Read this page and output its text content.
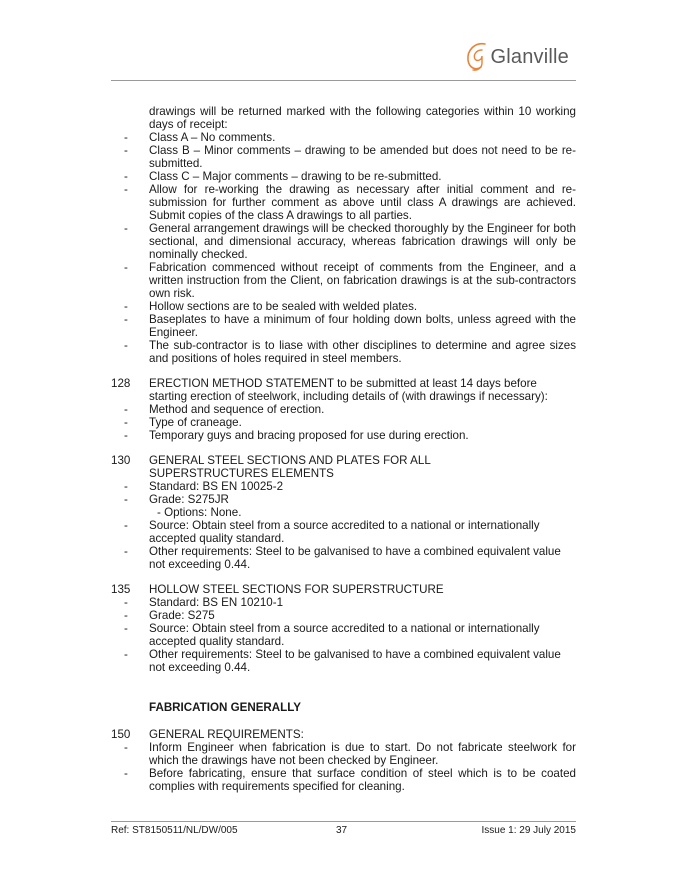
Glanville
drawings will be returned marked with the following categories within 10 working days of receipt:
- Class A – No comments.
- Class B – Minor comments – drawing to be amended but does not need to be re-submitted.
- Class C – Major comments – drawing to be re-submitted.
- Allow for re-working the drawing as necessary after initial comment and re-submission for further comment as above until class A drawings are achieved. Submit copies of the class A drawings to all parties.
- General arrangement drawings will be checked thoroughly by the Engineer for both sectional, and dimensional accuracy, whereas fabrication drawings will only be nominally checked.
- Fabrication commenced without receipt of comments from the Engineer, and a written instruction from the Client, on fabrication drawings is at the sub-contractors own risk.
- Hollow sections are to be sealed with welded plates.
- Baseplates to have a minimum of four holding down bolts, unless agreed with the Engineer.
- The sub-contractor is to liase with other disciplines to determine and agree sizes and positions of holes required in steel members.
128 ERECTION METHOD STATEMENT to be submitted at least 14 days before starting erection of steelwork, including details of (with drawings if necessary):
- Method and sequence of erection.
- Type of craneage.
- Temporary guys and bracing proposed for use during erection.
130 GENERAL STEEL SECTIONS AND PLATES FOR ALL SUPERSTRUCTURES ELEMENTS
- Standard: BS EN 10025-2
- Grade: S275JR
- Options: None.
- Source: Obtain steel from a source accredited to a national or internationally accepted quality standard.
- Other requirements: Steel to be galvanised to have a combined equivalent value not exceeding 0.44.
135 HOLLOW STEEL SECTIONS FOR SUPERSTRUCTURE
- Standard: BS EN 10210-1
- Grade: S275
- Source: Obtain steel from a source accredited to a national or internationally accepted quality standard.
- Other requirements: Steel to be galvanised to have a combined equivalent value not exceeding 0.44.
FABRICATION GENERALLY
150 GENERAL REQUIREMENTS:
- Inform Engineer when fabrication is due to start. Do not fabricate steelwork for which the drawings have not been checked by Engineer.
- Before fabricating, ensure that surface condition of steel which is to be coated complies with requirements specified for cleaning.
Ref: ST8150511/NL/DW/005	37	Issue 1: 29 July 2015
